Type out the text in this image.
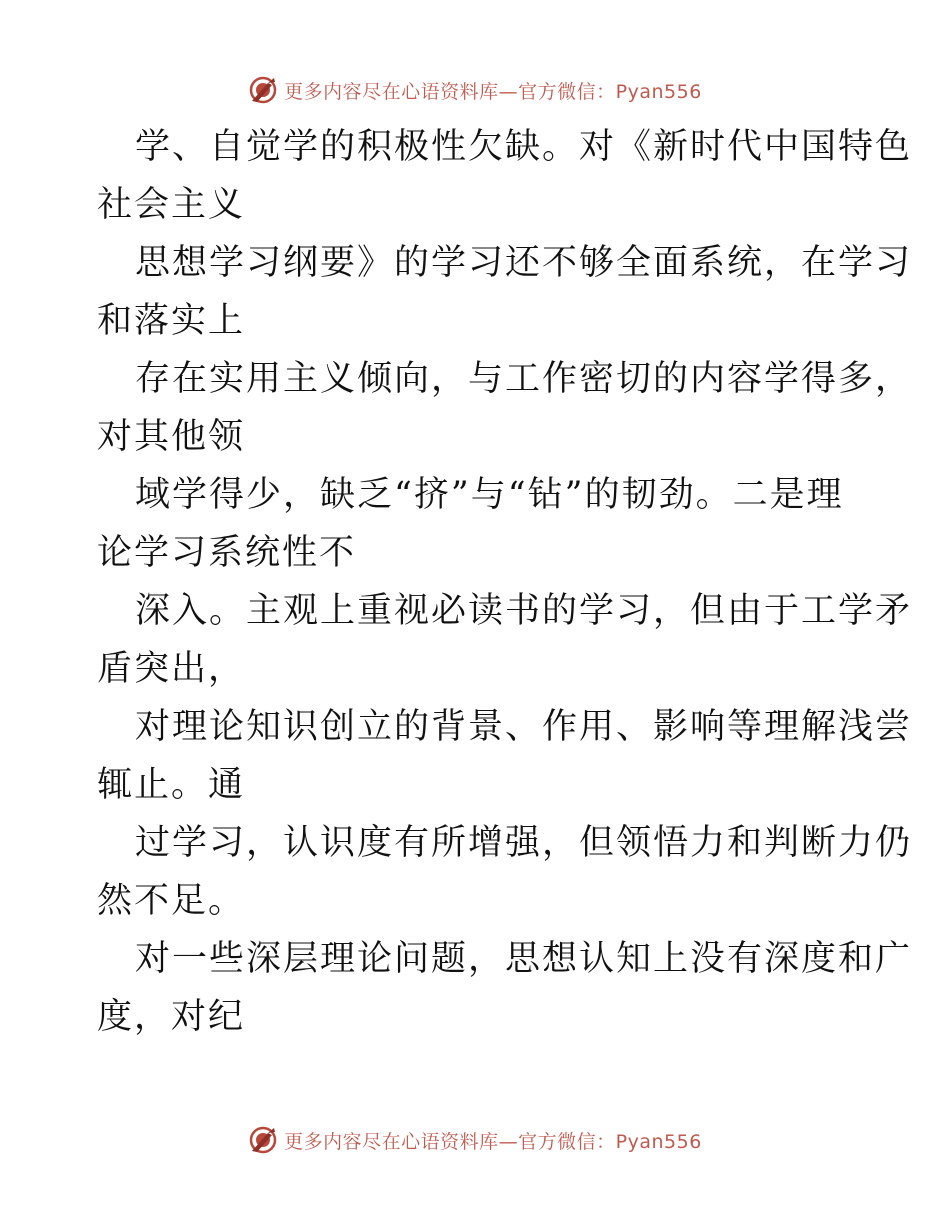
更多内容尽在心语资料库—官方微信：Pyan556

学、自觉学的积极性欠缺。对《新时代中国特色
社会主义

思想学习纲要》的学习还不够全面系统，在学习
和落实上

存在实用主义倾向，与工作密切的内容学得多，
对其他领

域学得少，缺乏“挤”与“钻”的韧劲。二是理
论学习系统性不

深入。主观上重视必读书的学习，但由于工学矛
盾突出，

对理论知识创立的背景、作用、影响等理解浅尝
辄止。通

过学习，认识度有所增强，但领悟力和判断力仍
然不足。

对一些深层理论问题，思想认知上没有深度和广
度，对纪

更多内容尽在心语资料库—官方微信：Pyan556
